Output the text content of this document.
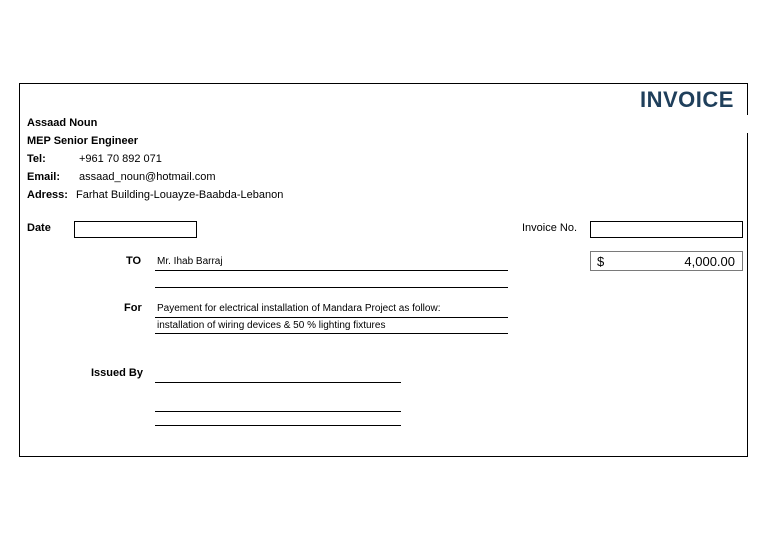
INVOICE
Assaad Noun
MEP Senior Engineer
Tel:	+961 70 892 071
Email: assaad_noun@hotmail.com
Adress: Farhat Building-Louayze-Baabda-Lebanon
Date	Invoice No.
$	4,000.00
TO Mr. Ihab Barraj
For Payement for electrical installation of Mandara Project as follow:
installation of wiring devices & 50 % lighting fixtures
Issued By
